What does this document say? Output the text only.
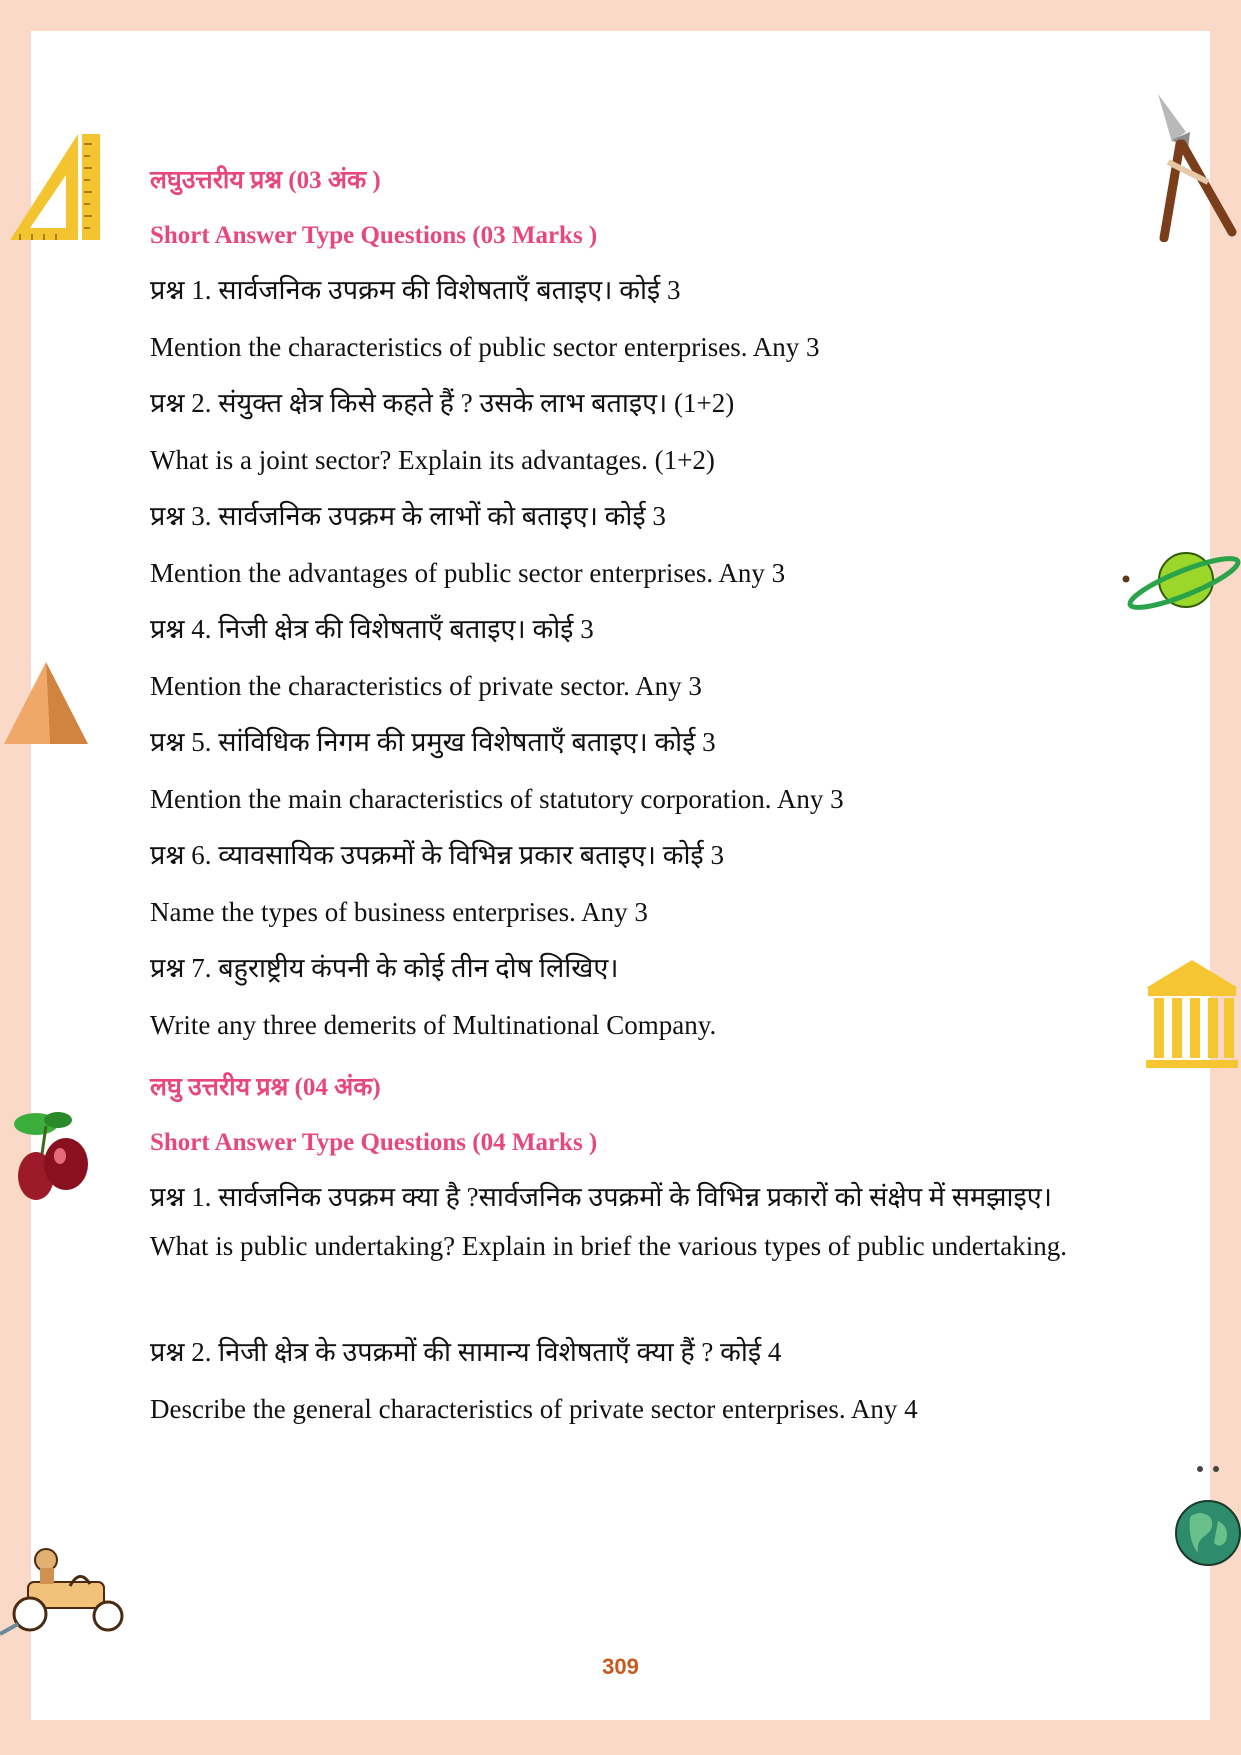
लघुउत्तरीय प्रश्न (03 अंक )
Short Answer Type Questions (03 Marks )
प्रश्न 1. सार्वजनिक उपक्रम की विशेषताएँ बताइए। कोई 3
Mention the characteristics of public sector enterprises. Any 3
प्रश्न 2. संयुक्त क्षेत्र किसे कहते हैं ? उसके लाभ बताइए। (1+2)
What is a joint sector? Explain its advantages. (1+2)
प्रश्न 3. सार्वजनिक उपक्रम के लाभों को बताइए। कोई 3
Mention the advantages of public sector enterprises. Any 3
प्रश्न 4. निजी क्षेत्र की विशेषताएँ बताइए। कोई 3
Mention the characteristics of private sector. Any 3
प्रश्न 5. सांविधिक निगम की प्रमुख विशेषताएँ बताइए। कोई 3
Mention the main characteristics of statutory corporation. Any 3
प्रश्न 6. व्यावसायिक उपक्रमों के विभिन्न प्रकार बताइए। कोई 3
Name the types of business enterprises. Any 3
प्रश्न 7. बहुराष्ट्रीय कंपनी के कोई तीन दोष लिखिए।
Write any three demerits of Multinational Company.
लघु उत्तरीय प्रश्न (04 अंक)
Short Answer Type Questions (04 Marks )
प्रश्न 1. सार्वजनिक उपक्रम क्या है ?सार्वजनिक उपक्रमों के विभिन्न प्रकारों को संक्षेप में समझाइए।
What is public undertaking? Explain in brief the various types of public undertaking.
प्रश्न 2. निजी क्षेत्र के उपक्रमों की सामान्य विशेषताएँ क्या हैं ? कोई 4
Describe the general characteristics of private sector enterprises. Any 4
309
